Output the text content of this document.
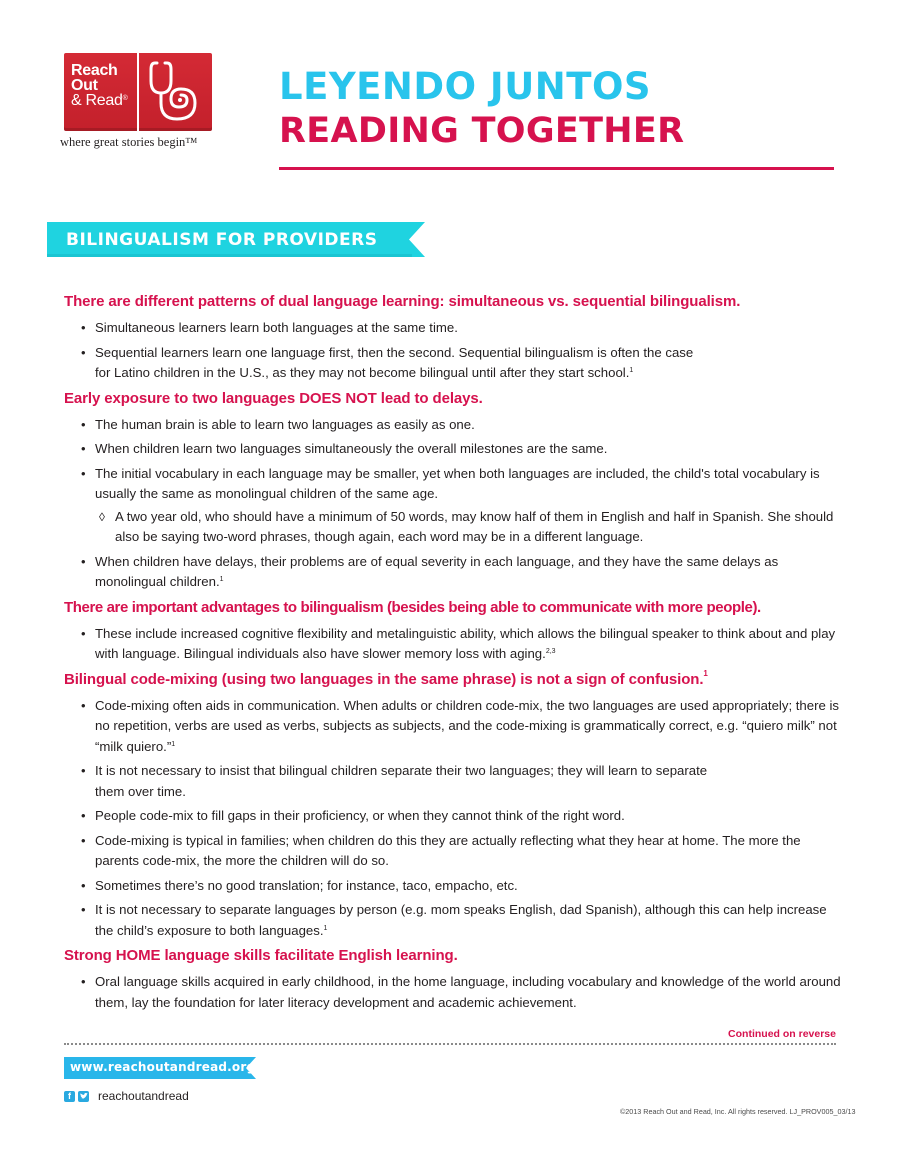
Reach
Out
& Read®
where great stories begin™
LEYENDO JUNTOS
READING TOGETHER
BILINGUALISM FOR PROVIDERS
There are different patterns of dual language learning: simultaneous vs. sequential bilingualism.
• Simultaneous learners learn both languages at the same time.
• Sequential learners learn one language first, then the second. Sequential bilingualism is often the case for Latino children in the U.S., as they may not become bilingual until after they start school.$^1$
Early exposure to two languages DOES NOT lead to delays.
• The human brain is able to learn two languages as easily as one.
• When children learn two languages simultaneously the overall milestones are the same.
• The initial vocabulary in each language may be smaller, yet when both languages are included, the child's total vocabulary is usually the same as monolingual children of the same age.
◊ A two year old, who should have a minimum of 50 words, may know half of them in English and half in Spanish. She should also be saying two-word phrases, though again, each word may be in a different language.
• When children have delays, their problems are of equal severity in each language, and they have the same delays as monolingual children.$^1$
There are important advantages to bilingualism (besides being able to communicate with more people).
• These include increased cognitive flexibility and metalinguistic ability, which allows the bilingual speaker to think about and play with language. Bilingual individuals also have slower memory loss with aging.$^{2,3}$
Bilingual code-mixing (using two languages in the same phrase) is not a sign of confusion.$^1$
• Code-mixing often aids in communication. When adults or children code-mix, the two languages are used appropriately; there is no repetition, verbs are used as verbs, subjects as subjects, and the code-mixing is grammatically correct, e.g. “quiero milk” not “milk quiero.”$^1$
• It is not necessary to insist that bilingual children separate their two languages; they will learn to separate them over time.
• People code-mix to fill gaps in their proficiency, or when they cannot think of the right word.
• Code-mixing is typical in families; when children do this they are actually reflecting what they hear at home. The more the parents code-mix, the more the children will do so.
• Sometimes there’s no good translation; for instance, taco, empacho, etc.
• It is not necessary to separate languages by person (e.g. mom speaks English, dad Spanish), although this can help increase the child’s exposure to both languages.$^1$
Strong HOME language skills facilitate English learning.
• Oral language skills acquired in early childhood, in the home language, including vocabulary and knowledge of the world around them, lay the foundation for later literacy development and academic achievement.
Continued on reverse
www.reachoutandread.org
f	reachoutandread
©2013 Reach Out and Read, Inc. All rights reserved. LJ_PROV005_03/13
